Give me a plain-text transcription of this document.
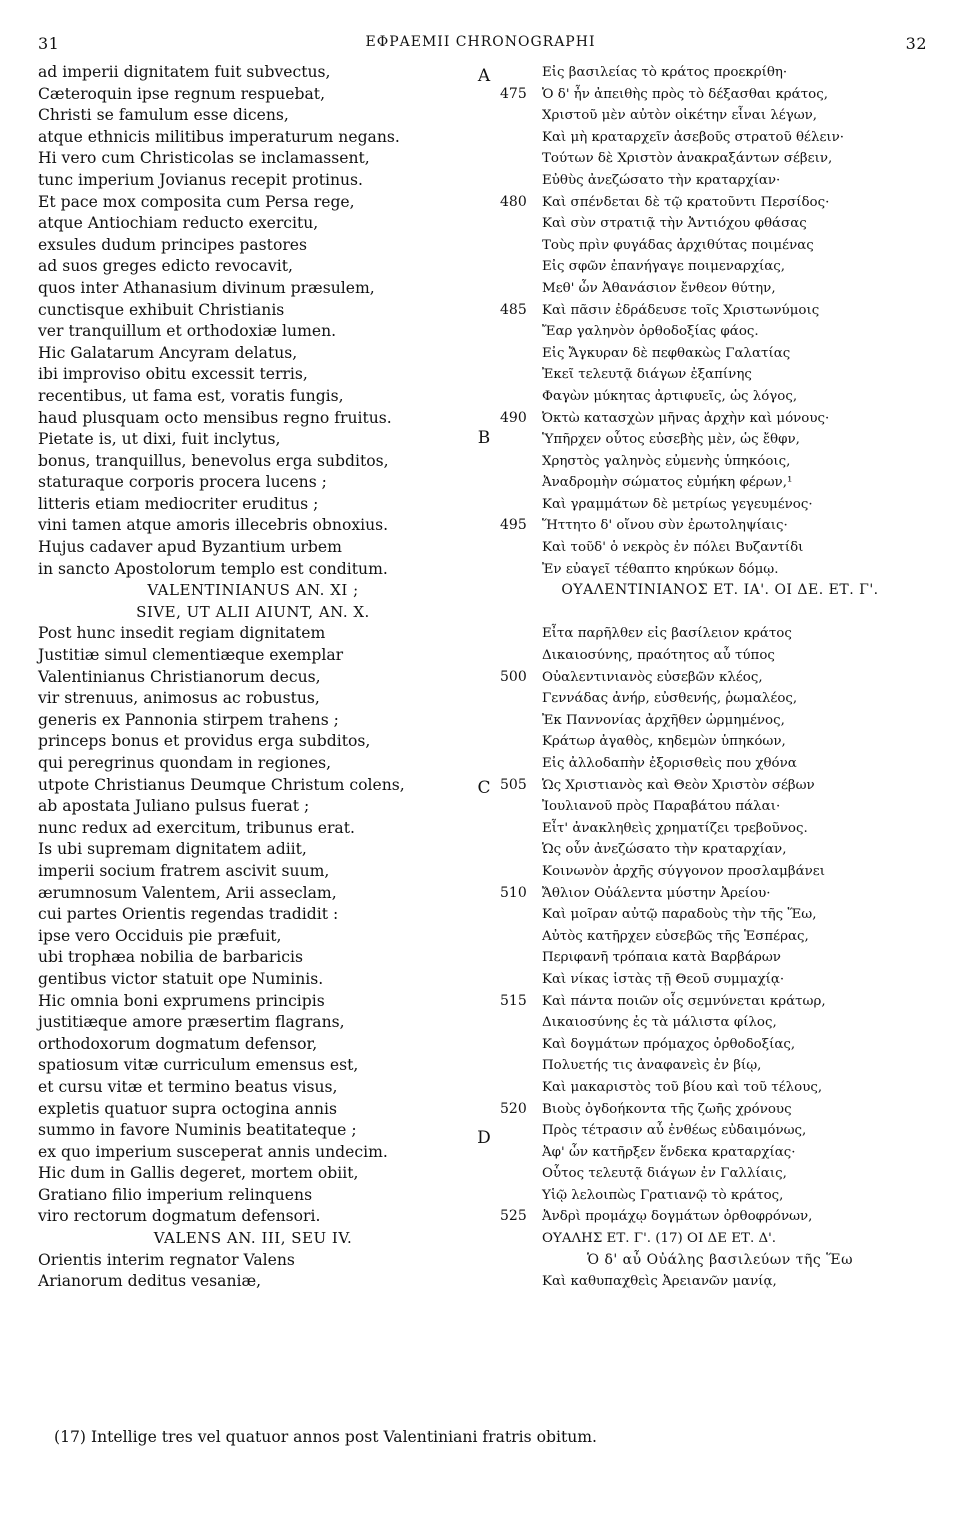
31	ΕΦΡΑΕΜΙΙ CHRONOGRAPHI	32
ad imperii dignitatem fuit subvectus,
Cæteroquin ipse regnum respuebat,
Christi se famulum esse dicens,
atque ethnicis militibus imperaturum negans.
Hi vero cum Christicolas se inclamassent,
tunc imperium Jovianus recepit protinus.
Et pace mox composita cum Persa rege,
atque Antiochiam reducto exercitu,
exsules dudum principes pastores
ad suos greges edicto revocavit,
quos inter Athanasium divinum præsulem,
cunctisque exhibuit Christianis
ver tranquillum et orthodoxiæ lumen.
Hic Galatarum Ancyram delatus,
ibi improviso obitu excessit terris,
recentibus, ut fama est, voratis fungis,
haud plusquam octo mensibus regno fruitus.
Pietate is, ut dixi, fuit inclytus,
bonus, tranquillus, benevolus erga subditos,
staturaque corporis procera lucens ;
litteris etiam mediocriter eruditus ;
vini tamen atque amoris illecebris obnoxius.
Hujus cadaver apud Byzantium urbem
in sancto Apostolorum templo est conditum.
VALENTINIANUS AN. XI ;
SIVE, UT ALII AIUNT, AN. X.
Post hunc insedit regiam dignitatem
Justitiæ simul clementiæque exemplar
Valentinianus Christianorum decus,
vir strenuus, animosus ac robustus,
generis ex Pannonia stirpem trahens ;
princeps bonus et providus erga subditos,
qui peregrinus quondam in regiones,
utpote Christianus Deumque Christum colens,
ab apostata Juliano pulsus fuerat ;
nunc redux ad exercitum, tribunus erat.
Is ubi supremam dignitatem adiit,
imperii socium fratrem ascivit suum,
ærumnosum Valentem, Arii asseclam,
cui partes Orientis regendas tradidit :
ipse vero Occiduis pie præfuit,
ubi trophæa nobilia de barbaricis
gentibus victor statuit ope Numinis.
Hic omnia boni exprumens principis
justitiæque amore præsertim flagrans,
orthodoxorum dogmatum defensor,
spatiosum vitæ curriculum emensus est,
et cursu vitæ et termino beatus visus,
expletis quatuor supra octogina annis
summo in favore Numinis beatitateque ;
ex quo imperium susceperat annis undecim.
Hic dum in Gallis degeret, mortem obiit,
Gratiano filio imperium relinquens
viro rectorum dogmatum defensori.
VALENS AN. III, SEU IV.
Orientis interim regnator Valens
Arianorum deditus vesaniæ,
Εἰς βασιλείας τὸ κράτος προεκρίθη·
475	Ὁ δ' ἦν ἀπειθὴς πρὸς τὸ δέξασθαι κράτος,
Χριστοῦ μὲν αὐτὸν οἰκέτην εἶναι λέγων,
Καὶ μὴ κραταρχεῖν ἀσεβοῦς στρατοῦ θέλειν·
Τούτων δὲ Χριστὸν ἀνακραξάντων σέβειν,
Εὐθὺς ἀνεζώσατο τὴν κραταρχίαν·
480	Καὶ σπένδεται δὲ τῷ κρατοῦντι Περσίδος·
Καὶ σὺν στρατιᾷ τὴν Ἀντιόχου φθάσας
Τοὺς πρὶν φυγάδας ἀρχιθύτας ποιμένας
Εἰς σφῶν ἐπανήγαγε ποιμεναρχίας,
Μεθ' ὧν Ἀθανάσιον ἔνθεον θύτην,
485	Καὶ πᾶσιν ἐδράδευσε τοῖς Χριστωνύμοις
Ἔαρ γαληνὸν ὀρθοδοξίας φάος.
Εἰς Ἄγκυραν δὲ πεφθακὼς Γαλατίας
Ἐκεῖ τελευτᾷ διάγων ἐξαπίνης
Φαγὼν μύκητας ἀρτιφυεῖς, ὡς λόγος,
490	Ὀκτὼ κατασχὼν μῆνας ἀρχὴν καὶ μόνους·
Ὑπῆρχεν οὗτος εὐσεβὴς μὲν, ὡς ἔθφν,
Χρηστὸς γαληνὸς εὐμενὴς ὑπηκόοις,
Ἀναδρομὴν σώματος εὐμήκη φέρων,¹
Καὶ γραμμάτων δὲ μετρίως γεγευμένος·
495	Ἥττητο δ' οἴνου σὺν ἐρωτοληψίαις·
Καὶ τοῦδ' ὁ νεκρὸς ἐν πόλει Βυζαντίδι
Ἐν εὐαγεῖ τέθαπτο κηρύκων δόμῳ.
ΟΥΑΛΕΝΤΙΝΙΑΝΟΣ ΕΤ. ΙΑ'. ΟΙ ΔΕ. ΕΤ. Γ'.
Εἶτα παρῆλθεν εἰς βασίλειον κράτος
Δικαιοσύνης, πραότητος αὖ τύπος
500	Οὐαλεντινιανὸς εὐσεβῶν κλέος,
Γεννάδας ἀνήρ, εὐσθενής, ῥωμαλέος,
Ἐκ Παννονίας ἀρχῆθεν ὡρμημένος,
Κράτωρ ἀγαθὸς, κηδεμὼν ὑπηκόων,
Εἰς ἀλλοδαπὴν ἐξορισθεὶς που χθόνα
505	Ὡς Χριστιανὸς καὶ Θεὸν Χριστὸν σέβων
Ἰουλιανοῦ πρὸς Παραβάτου πάλαι·
Εἶτ' ἀνακληθεὶς χρηματίζει τρεβοῦνος.
Ὡς οὖν ἀνεζώσατο τὴν κραταρχίαν,
Κοινωνὸν ἀρχῆς σύγγονον προσλαμβάνει
510	Ἄθλιον Οὐάλεντα μύστην Ἀρείου·
Καὶ μοῖραν αὐτῷ παραδοὺς τὴν τῆς Ἕω,
Αὐτὸς κατῆρχεν εὐσεβῶς τῆς Ἑσπέρας,
Περιφανῆ τρόπαια κατὰ Βαρβάρων
Καὶ νίκας ἱστὰς τῇ Θεοῦ συμμαχίᾳ·
515	Καὶ πάντα ποιῶν οἷς σεμνύνεται κράτωρ,
Δικαιοσύνης ἐς τὰ μάλιστα φίλος,
Καὶ δογμάτων πρόμαχος ὀρθοδοξίας,
Πολυετής τις ἀναφανεὶς ἐν βίῳ,
Καὶ μακαριστὸς τοῦ βίου καὶ τοῦ τέλους,
520	Βιοὺς ὀγδοήκοντα τῆς ζωῆς χρόνους
Πρὸς τέτρασιν αὖ ἐνθέως εὐδαιμόνως,
Ἀφ' ὧν κατῆρξεν ἕνδεκα κραταρχίας·
Οὗτος τελευτᾷ διάγων ἐν Γαλλίαις,
Υἱῷ λελοιπὼς Γρατιανῷ τὸ κράτος,
525	Ἀνδρὶ προμάχῳ δογμάτων ὀρθοφρόνων,
ΟΥΑΛΗΣ ΕΤ. Γ'. (17) ΟΙ ΔΕ ΕΤ. Δ'.
Ὁ δ' αὖ Οὐάλης βασιλεύων τῆς Ἕω
Καὶ καθυπαχθεὶς Ἀρειανῶν μανίᾳ,
A
B
C
D
(17) Intellige tres vel quatuor annos post Valentiniani fratris obitum.
